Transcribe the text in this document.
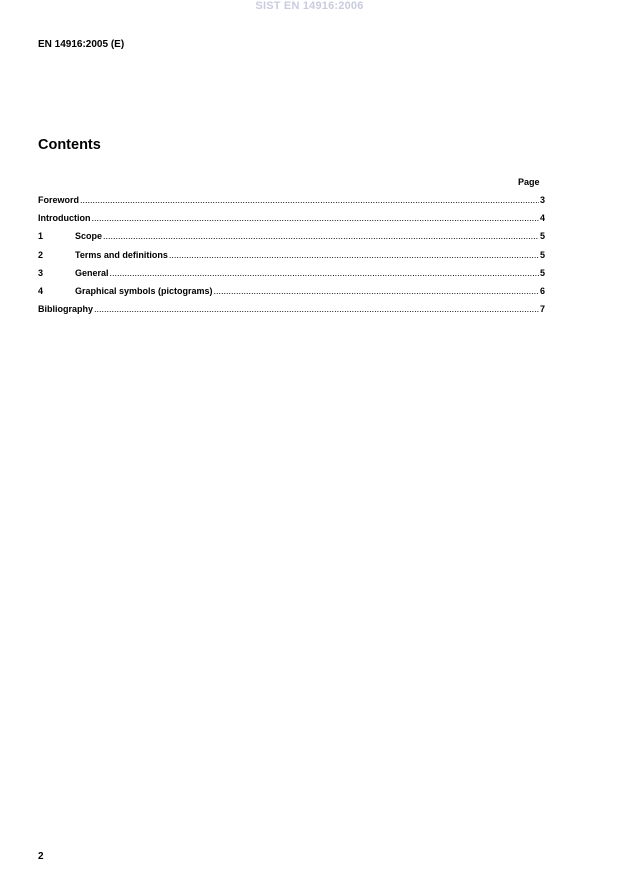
SIST EN 14916:2006
EN 14916:2005 (E)
Contents
Page
Foreword .....	3
Introduction .....	4
1	Scope .....	5
2	Terms and definitions .....	5
3	General .....	5
4	Graphical symbols (pictograms) .....	6
Bibliography .....	7
2
